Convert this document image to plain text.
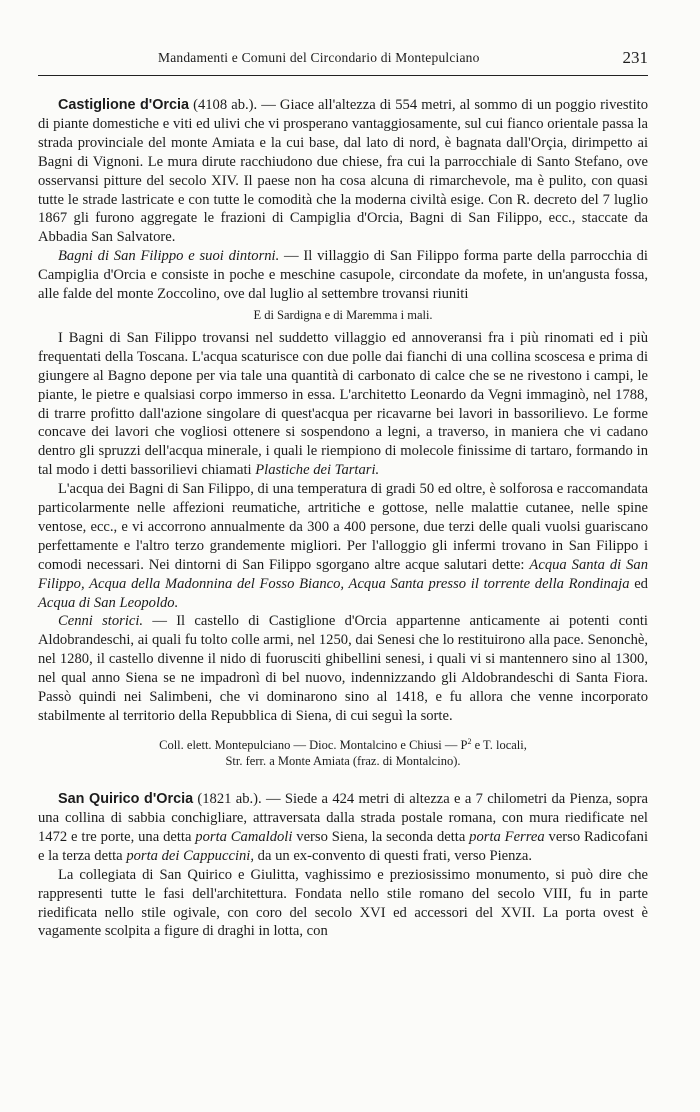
Mandamenti e Comuni del Circondario di Montepulciano	231

Castiglione d'Orcia (4108 ab.). — Giace all'altezza di 554 metri, al sommo di un poggio rivestito di piante domestiche e viti ed ulivi che vi prosperano vantaggiosamente, sul cui fianco orientale passa la strada provinciale del monte Amiata e la cui base, dal lato di nord, è bagnata dall'Orçia, dirimpetto ai Bagni di Vignoni. Le mura dirute racchiudono due chiese, fra cui la parrocchiale di Santo Stefano, ove osservansi pitture del secolo XIV. Il paese non ha cosa alcuna di rimarchevole, ma è pulito, con quasi tutte le strade lastricate e con tutte le comodità che la moderna civiltà esige. Con R. decreto del 7 luglio 1867 gli furono aggregate le frazioni di Campiglia d'Orcia, Bagni di San Filippo, ecc., staccate da Abbadia San Salvatore.

Bagni di San Filippo e suoi dintorni. — Il villaggio di San Filippo forma parte della parrocchia di Campiglia d'Orcia e consiste in poche e meschine casupole, circondate da mofete, in un'angusta fossa, alle falde del monte Zoccolino, ove dal luglio al settembre trovansi riuniti

E di Sardigna e di Maremma i mali.

I Bagni di San Filippo trovansi nel suddetto villaggio ed annoveransi fra i più rinomati ed i più frequentati della Toscana. L'acqua scaturisce con due polle dai fianchi di una collina scoscesa e prima di giungere al Bagno depone per via tale una quantità di carbonato di calce che se ne rivestono i campi, le piante, le pietre e qualsiasi corpo immerso in essa. L'architetto Leonardo da Vegni immaginò, nel 1788, di trarre profitto dall'azione singolare di quest'acqua per ricavarne bei lavori in bassorilievo. Le forme concave dei lavori che vogliosi ottenere si sospendono a legni, a traverso, in maniera che vi cadano dentro gli spruzzi dell'acqua minerale, i quali le riempiono di molecole finissime di tartaro, formando in tal modo i detti bassorilievi chiamati Plastiche dei Tartari.

L'acqua dei Bagni di San Filippo, di una temperatura di gradi 50 ed oltre, è solforosa e raccomandata particolarmente nelle affezioni reumatiche, artritiche e gottose, nelle malattie cutanee, nelle spine ventose, ecc., e vi accorrono annualmente da 300 a 400 persone, due terzi delle quali vuolsi guariscano perfettamente e l'altro terzo grandemente migliori. Per l'alloggio gli infermi trovano in San Filippo i comodi necessari. Nei dintorni di San Filippo sgorgano altre acque salutari dette: Acqua Santa di San Filippo, Acqua della Madonnina del Fosso Bianco, Acqua Santa presso il torrente della Rondinaja ed Acqua di San Leopoldo.

Cenni storici. — Il castello di Castiglione d'Orcia appartenne anticamente ai potenti conti Aldobrandeschi, ai quali fu tolto colle armi, nel 1250, dai Senesi che lo restituirono alla pace. Senonchè, nel 1280, il castello divenne il nido di fuorusciti ghibellini senesi, i quali vi si mantennero sino al 1300, nel qual anno Siena se ne impadronì di bel nuovo, indennizzando gli Aldobrandeschi di Santa Fiora. Passò quindi nei Salimbeni, che vi dominarono sino al 1418, e fu allora che venne incorporato stabilmente al territorio della Repubblica di Siena, di cui seguì la sorte.

Coll. elett. Montepulciano — Dioc. Montalcino e Chiusi — $P^2$ e T. locali,
Str. ferr. a Monte Amiata (fraz. di Montalcino).

San Quirico d'Orcia (1821 ab.). — Siede a 424 metri di altezza e a 7 chilometri da Pienza, sopra una collina di sabbia conchigliare, attraversata dalla strada postale romana, con mura riedificate nel 1472 e tre porte, una detta porta Camaldoli verso Siena, la seconda detta porta Ferrea verso Radicofani e la terza detta porta dei Cappuccini, da un ex-convento di questi frati, verso Pienza.

La collegiata di San Quirico e Giulitta, vaghissimo e preziosissimo monumento, si può dire che rappresenti tutte le fasi dell'architettura. Fondata nello stile romano del secolo VIII, fu in parte riedificata nello stile ogivale, con coro del secolo XVI ed accessori del XVII. La porta ovest è vagamente scolpita a figure di draghi in lotta, con
